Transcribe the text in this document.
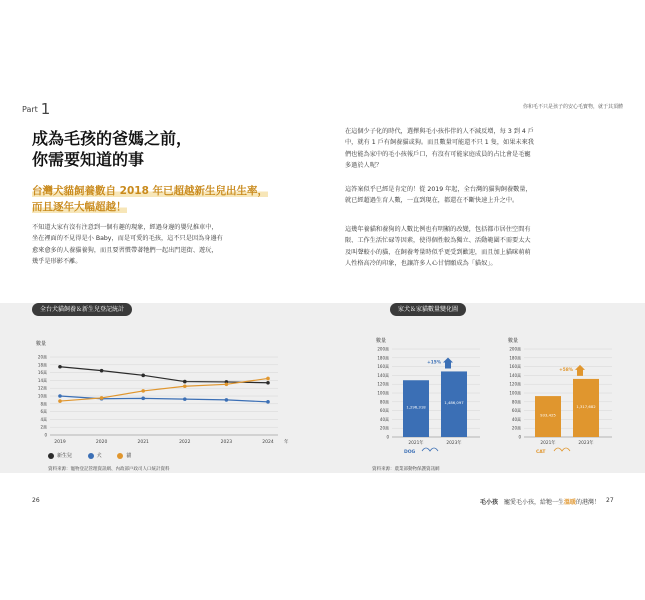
Part 1	你和毛不只是孩子的安心毛寶物，就于其頂體
成為毛孩的爸媽之前，
你需要知道的事
台灣犬貓飼養數自 2018 年已超越新生兒出生率，
而且逐年大幅超越！
不知道大家有沒有注意到一個有趣的現象，經過身邊的嬰兒推車中，
坐在裡面的不見得是小 Baby，而是可愛的毛孩，這不只是因為身邊有
愈來愈多的人養貓養狗，而且要習慣帶著牠們一起出門逛街、遊玩，
幾乎是形影不離。
在這個少子化的時代，選擇與毛小孩作伴的人不減反增，每 3 到 4 戶
中，就有 1 戶有飼養貓或狗。而且數量可能還不只 1 隻，如果未來我
們也能為家中的毛小孩報戶口，有沒有可能家庭成員的占比會是毛寵
多過於人呢？
這答案似乎已經是肯定的！從 2019 年起，全台灣的貓狗飼養數量，
就已經超過生育人數，一直到現在，都還在不斷快速上升之中。
這幾年養貓和養狗的人數比例也有明顯的改變，包括都市居住空間有
限、工作生活忙碌等因素，使得個性較為獨立、活動範圍不需要太大
及叫聲較小的貓，在飼養考量時似乎更受到歡迎，而且加上貓咪萌萌
人性格高冷的印象，也讓許多人心甘情願成為「貓奴」。
全台犬貓飼養＆新生兒登記統計	家犬＆家貓數量變化圖
數量
0
2萬
4萬
6萬
8萬
10萬
12萬
14萬
16萬
18萬
20萬
2019	2020	2021	2022	2023	2024 年
新生兒	犬	貓
資料來源：寵物登記管理資訊網、內政部戶政司人口統計資料
數量
0
20萬
40萬
60萬
80萬
100萬
120萬
140萬
160萬
180萬
200萬
1,296,318
2021年
1,486,097
2023年
+15%
DOG
數量
0
20萬
40萬
60萬
80萬
100萬
120萬
140萬
160萬
180萬
200萬
933,425
2021年
1,317,682
2023年
+58%
CAT
資料來源：農業部動物保護資訊網
26	毛小孩 寵愛毛小孩，給牠一生溫暖的港灣！ 27
